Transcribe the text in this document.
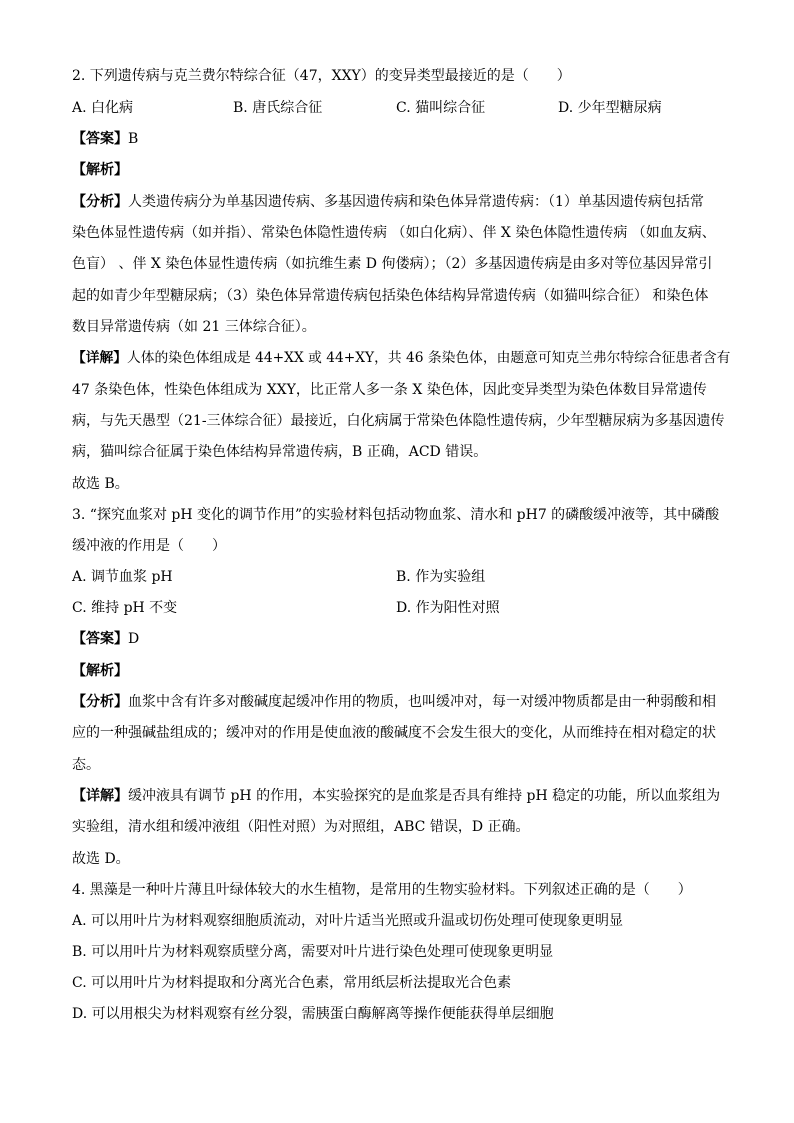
2. 下列遗传病与克兰费尔特综合征（47，XXY）的变异类型最接近的是（　　）
A. 白化病	B. 唐氏综合征	C. 猫叫综合征	D. 少年型糖尿病
【答案】B
【解析】
【分析】人类遗传病分为单基因遗传病、多基因遗传病和染色体异常遗传病：（1）单基因遗传病包括常
染色体显性遗传病（如并指）、常染色体隐性遗传病 （如白化病）、伴 X 染色体隐性遗传病 （如血友病、
色盲） 、伴 X 染色体显性遗传病（如抗维生素 D 佝偻病）；（2）多基因遗传病是由多对等位基因异常引
起的如青少年型糖尿病；（3）染色体异常遗传病包括染色体结构异常遗传病（如猫叫综合征） 和染色体
数目异常遗传病（如 21 三体综合征）。
【详解】人体的染色体组成是 44+XX 或 44+XY，共 46 条染色体，由题意可知克兰弗尔特综合征患者含有
47 条染色体，性染色体组成为 XXY，比正常人多一条 X 染色体，因此变异类型为染色体数目异常遗传
病，与先天愚型（21-三体综合征）最接近，白化病属于常染色体隐性遗传病，少年型糖尿病为多基因遗传
病，猫叫综合征属于染色体结构异常遗传病，B 正确，ACD 错误。
故选 B。
3. “探究血浆对 pH 变化的调节作用”的实验材料包括动物血浆、清水和 pH7 的磷酸缓冲液等，其中磷酸
缓冲液的作用是（　　）
A. 调节血浆 pH	B. 作为实验组
C. 维持 pH 不变	D. 作为阳性对照
【答案】D
【解析】
【分析】血浆中含有许多对酸碱度起缓冲作用的物质，也叫缓冲对，每一对缓冲物质都是由一种弱酸和相
应的一种强碱盐组成的；缓冲对的作用是使血液的酸碱度不会发生很大的变化，从而维持在相对稳定的状
态。
【详解】缓冲液具有调节 pH 的作用，本实验探究的是血浆是否具有维持 pH 稳定的功能，所以血浆组为
实验组，清水组和缓冲液组（阳性对照）为对照组，ABC 错误，D 正确。
故选 D。
4. 黑藻是一种叶片薄且叶绿体较大的水生植物，是常用的生物实验材料。下列叙述正确的是（　　）
A. 可以用叶片为材料观察细胞质流动，对叶片适当光照或升温或切伤处理可使现象更明显
B. 可以用叶片为材料观察质壁分离，需要对叶片进行染色处理可使现象更明显
C. 可以用叶片为材料提取和分离光合色素，常用纸层析法提取光合色素
D. 可以用根尖为材料观察有丝分裂，需胰蛋白酶解离等操作便能获得单层细胞
